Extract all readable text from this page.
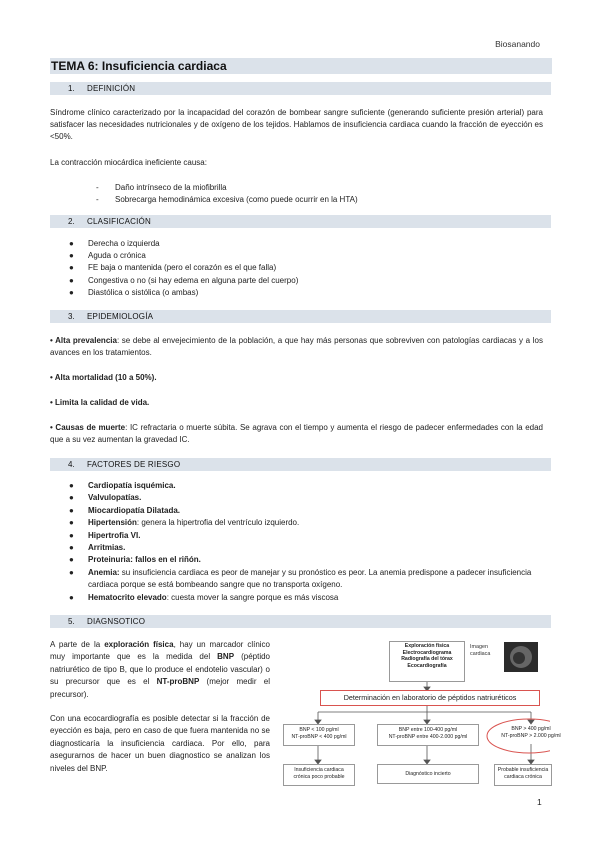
Biosanando
TEMA 6: Insuficiencia cardiaca
1. DEFINICIÓN
Síndrome clínico caracterizado por la incapacidad del corazón de bombear sangre suficiente (generando suficiente presión arterial) para satisfacer las necesidades nutricionales y de oxígeno de los tejidos. Hablamos de insuficiencia cardiaca cuando la fracción de eyección es <50%.
La contracción miocárdica ineficiente causa:
- Daño intrínseco de la miofibrilla
- Sobrecarga hemodinámica excesiva (como puede ocurrir en la HTA)
2. CLASIFICACIÓN
● Derecha o izquierda
● Aguda o crónica
● FE baja o mantenida (pero el corazón es el que falla)
● Congestiva o no (si hay edema en alguna parte del cuerpo)
● Diastólica o sistólica (o ambas)
3. EPIDEMIOLOGÍA
• Alta prevalencia: se debe al envejecimiento de la población, a que hay más personas que sobreviven con patologías cardiacas y a los avances en los tratamientos.
• Alta mortalidad (10 a 50%).
• Limita la calidad de vida.
• Causas de muerte: IC refractaria o muerte súbita. Se agrava con el tiempo y aumenta el riesgo de padecer enfermedades con la edad que a su vez aumentan la gravedad IC.
4. FACTORES DE RIESGO
● Cardiopatía isquémica.
● Valvulopatías.
● Miocardiopatía Dilatada.
● Hipertensión: genera la hipertrofia del ventrículo izquierdo.
● Hipertrofia VI.
● Arritmias.
● Proteinuria: fallos en el riñón.
● Anemia: su insuficiencia cardiaca es peor de manejar y su pronóstico es peor. La anemia predispone a padecer insuficiencia cardiaca porque se está bombeando sangre que no transporta oxígeno.
● Hematocrito elevado: cuesta mover la sangre porque es más viscosa
5. DIAGNSOTICO
A parte de la exploración física, hay un marcador clínico muy importante que es la medida del BNP (péptido natriurético de tipo B, que lo produce el endotelio vascular) o su precursor que es el NT-proBNP (mejor medir el precursor).
Con una ecocardiografía es posible detectar si la fracción de eyección es baja, pero en caso de que fuera mantenida no se diagnosticaría la insuficiencia cardiaca. Por ello, para asegurarnos de hacer un buen diagnostico se analizan los niveles del BNP.
Exploración física
Electrocardiograma
Radiografía del tórax
Ecocardiografía
Imagen cardiaca
Determinación en laboratorio de péptidos natriuréticos
BNP < 100 pg/ml
NT-proBNP < 400 pg/ml
BNP entre 100-400 pg/ml
NT-proBNP entre 400-2.000 pg/ml
BNP > 400 pg/ml
NT-proBNP > 2.000 pg/ml
Insuficiencia cardiaca
crónica poco probable	Diagnóstico incierto
Probable insuficiencia
cardiaca crónica
1
